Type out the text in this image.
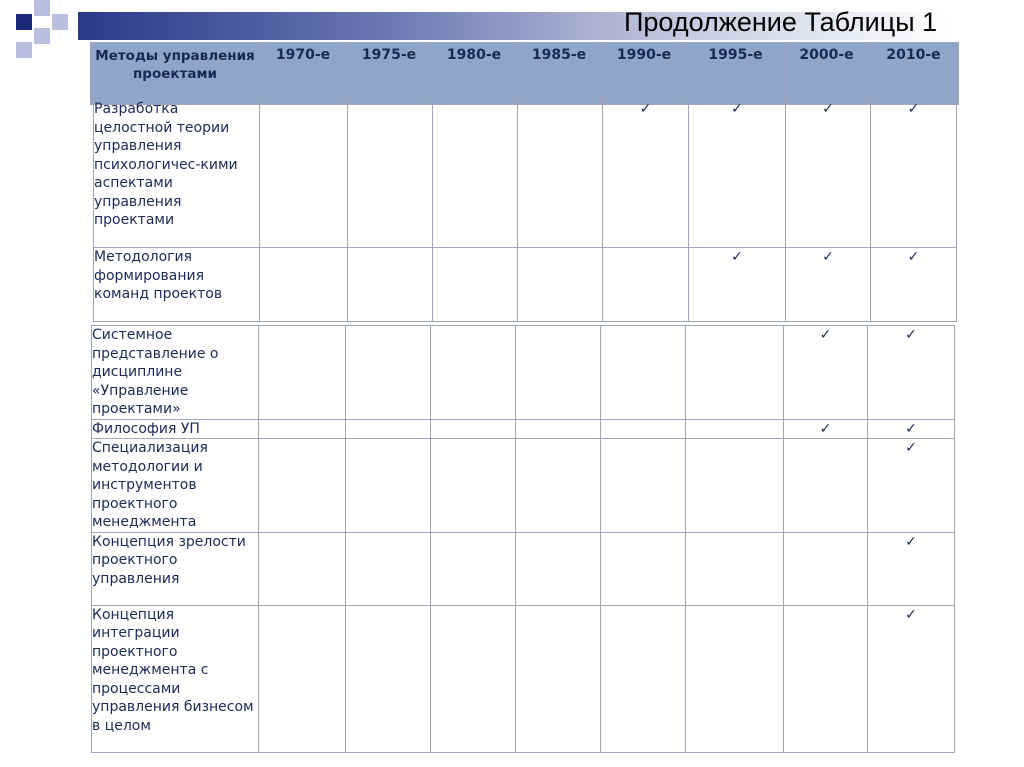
Продолжение Таблицы 1
Методы управления проектами	1970-е	1975-е	1980-е	1985-е	1990-е	1995-е	2000-е	2010-е
Разработка целостной теории управления психологичес-кими аспектами управления проектами					✓	✓	✓	✓
Методология формирования команд проектов						✓	✓	✓
Системное представление о дисциплине «Управление проектами»							✓	✓
Философия УП							✓	✓
Специализация методологии и инструментов проектного менеджмента								✓
Концепция зрелости проектного управления								✓
Концепция интеграции проектного менеджмента с процессами управления бизнесом в целом								✓
